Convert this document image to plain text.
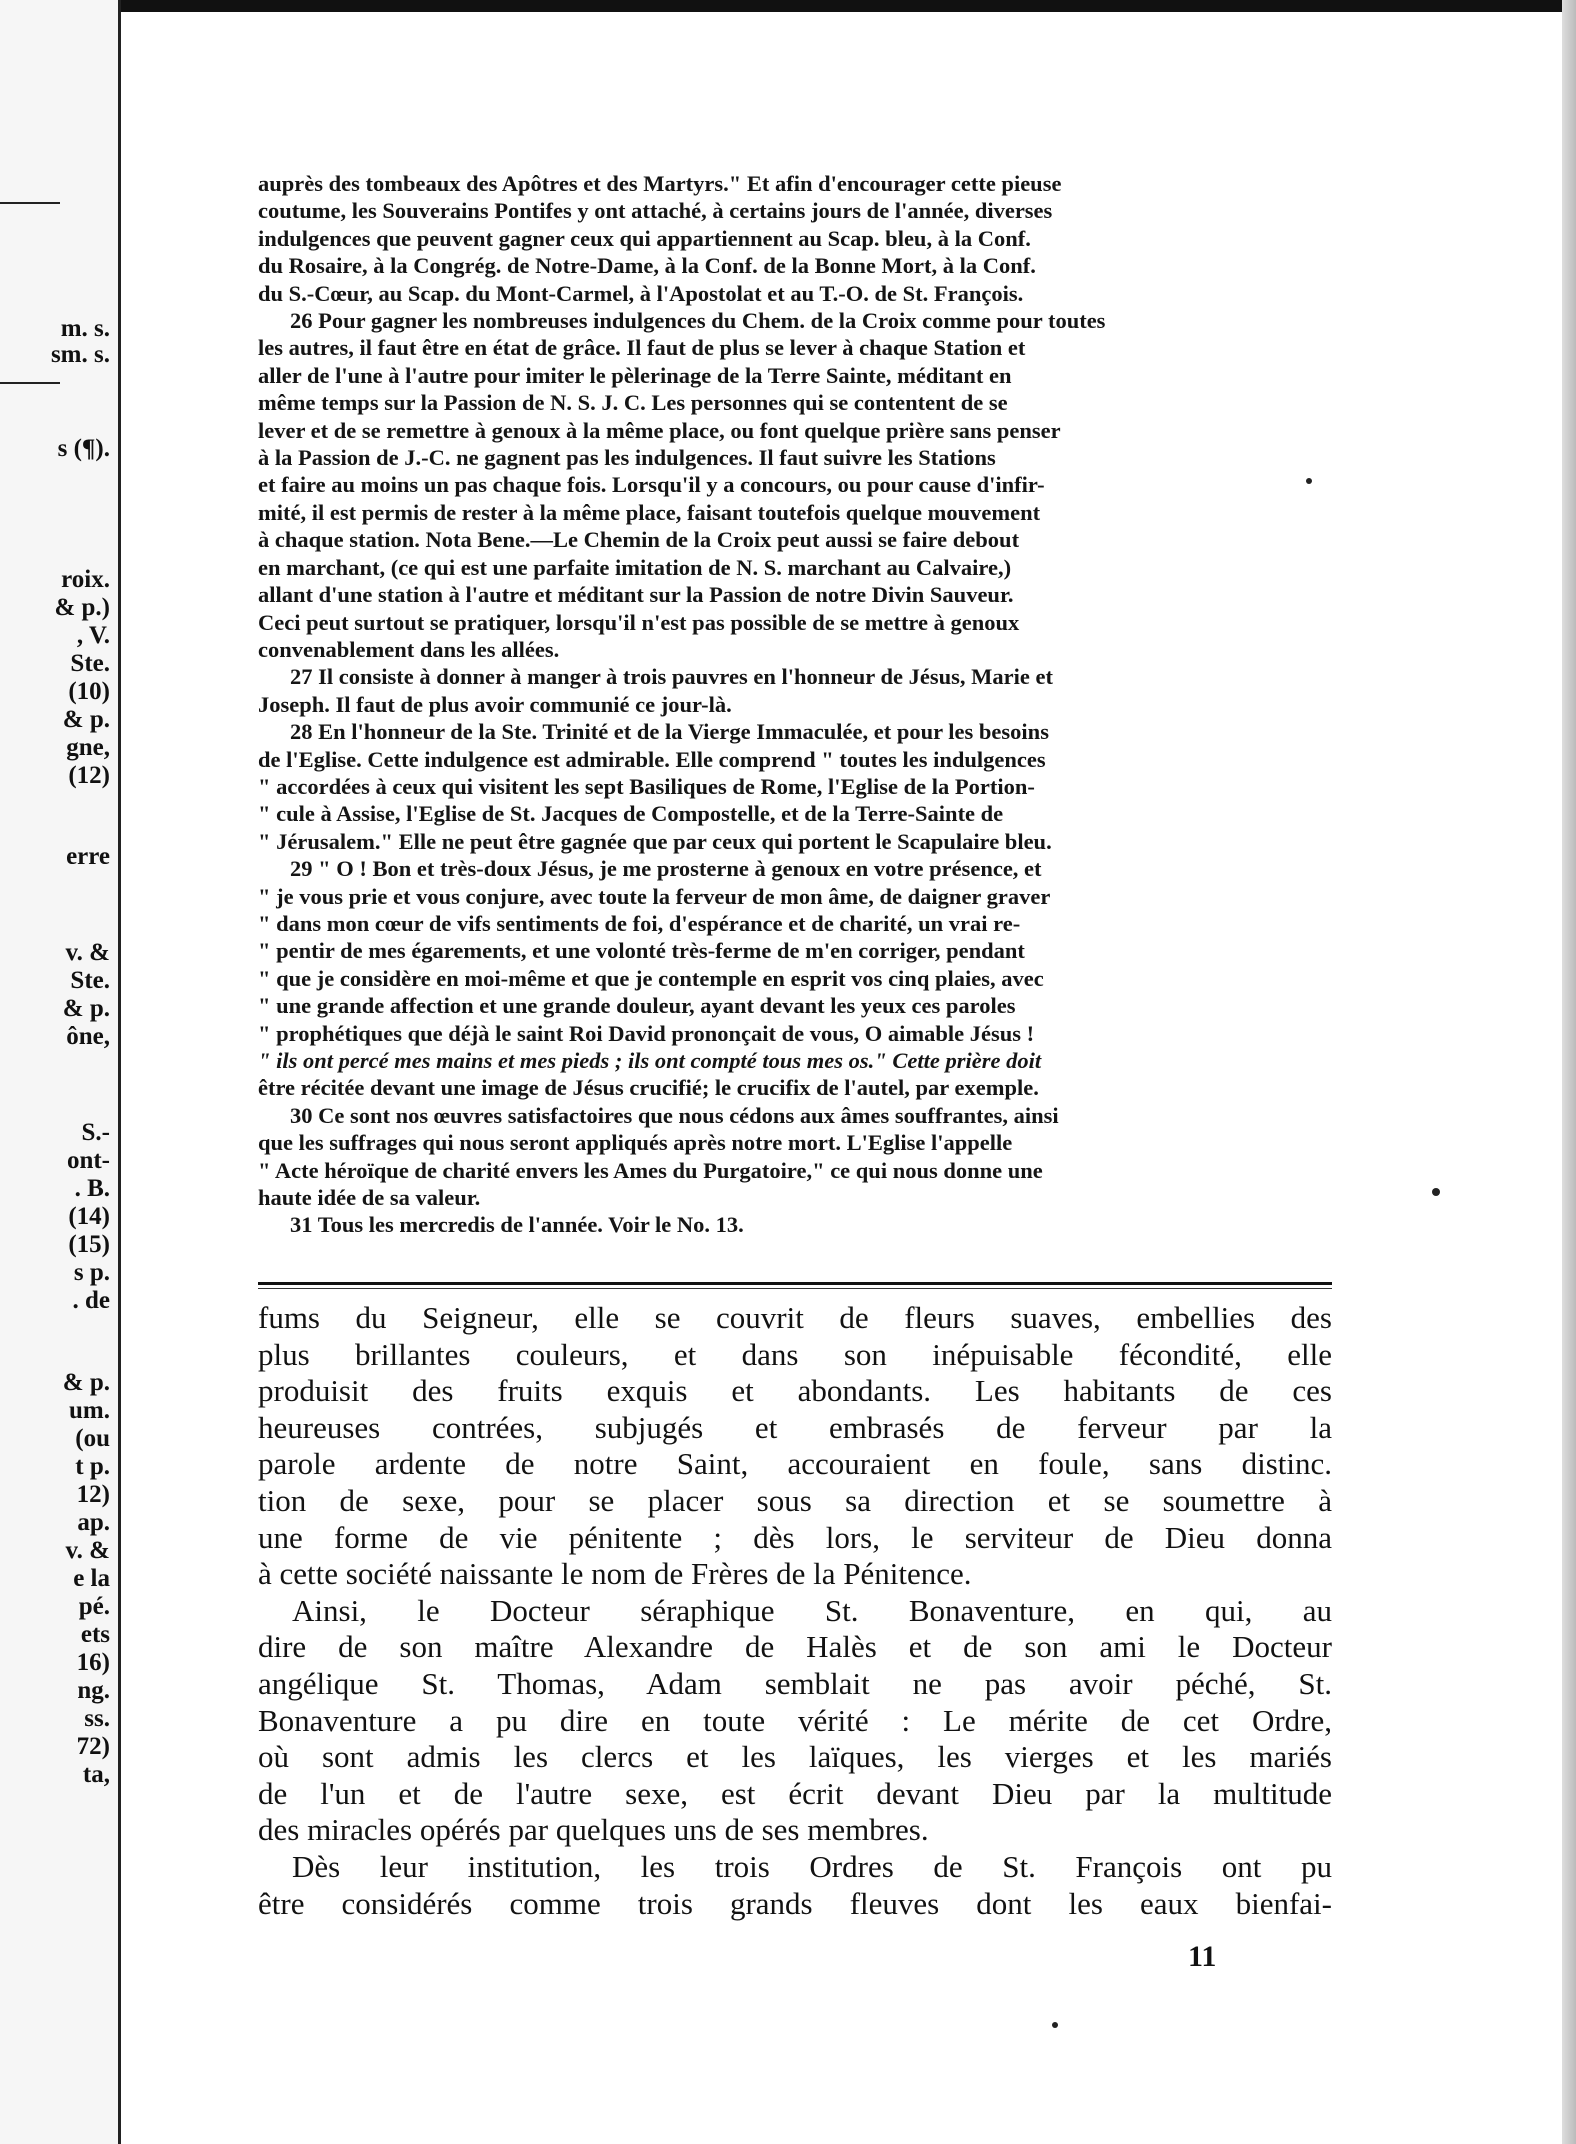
m. s.
sm. s.
s (¶).
roix.
& p.)
, V.
Ste.
(10)
& p.
gne,
(12)
erre
v. &
Ste.
& p.
ône,
S.-
ont-
. B.
(14)
(15)
s p.
. de
& p.
um.
(ou
t p.
12)
ap.
v. &
e la
pé.
ets
16)
ng.
ss.
72)
ta,
auprès des tombeaux des Apôtres et des Martyrs." Et afin d'encourager cette pieuse
coutume, les Souverains Pontifes y ont attaché, à certains jours de l'année, diverses
indulgences que peuvent gagner ceux qui appartiennent au Scap. bleu, à la Conf.
du Rosaire, à la Congrég. de Notre-Dame, à la Conf. de la Bonne Mort, à la Conf.
du S.-Cœur, au Scap. du Mont-Carmel, à l'Apostolat et au T.-O. de St. François.
26 Pour gagner les nombreuses indulgences du Chem. de la Croix comme pour toutes
les autres, il faut être en état de grâce. Il faut de plus se lever à chaque Station et
aller de l'une à l'autre pour imiter le pèlerinage de la Terre Sainte, méditant en
même temps sur la Passion de N. S. J. C. Les personnes qui se contentent de se
lever et de se remettre à genoux à la même place, ou font quelque prière sans penser
à la Passion de J.-C. ne gagnent pas les indulgences. Il faut suivre les Stations
et faire au moins un pas chaque fois. Lorsqu'il y a concours, ou pour cause d'infir-
mité, il est permis de rester à la même place, faisant toutefois quelque mouvement
à chaque station. Nota Bene.—Le Chemin de la Croix peut aussi se faire debout
en marchant, (ce qui est une parfaite imitation de N. S. marchant au Calvaire,)
allant d'une station à l'autre et méditant sur la Passion de notre Divin Sauveur.
Ceci peut surtout se pratiquer, lorsqu'il n'est pas possible de se mettre à genoux
convenablement dans les allées.
27 Il consiste à donner à manger à trois pauvres en l'honneur de Jésus, Marie et
Joseph. Il faut de plus avoir communié ce jour-là.
28 En l'honneur de la Ste. Trinité et de la Vierge Immaculée, et pour les besoins
de l'Eglise. Cette indulgence est admirable. Elle comprend " toutes les indulgences
" accordées à ceux qui visitent les sept Basiliques de Rome, l'Eglise de la Portion-
" cule à Assise, l'Eglise de St. Jacques de Compostelle, et de la Terre-Sainte de
" Jérusalem." Elle ne peut être gagnée que par ceux qui portent le Scapulaire bleu.
29 " O ! Bon et très-doux Jésus, je me prosterne à genoux en votre présence, et
" je vous prie et vous conjure, avec toute la ferveur de mon âme, de daigner graver
" dans mon cœur de vifs sentiments de foi, d'espérance et de charité, un vrai re-
" pentir de mes égarements, et une volonté très-ferme de m'en corriger, pendant
" que je considère en moi-même et que je contemple en esprit vos cinq plaies, avec
" une grande affection et une grande douleur, ayant devant les yeux ces paroles
" prophétiques que déjà le saint Roi David prononçait de vous, O aimable Jésus !
" ils ont percé mes mains et mes pieds ; ils ont compté tous mes os." Cette prière doit
être récitée devant une image de Jésus crucifié; le crucifix de l'autel, par exemple.
30 Ce sont nos œuvres satisfactoires que nous cédons aux âmes souffrantes, ainsi
que les suffrages qui nous seront appliqués après notre mort. L'Eglise l'appelle
" Acte héroïque de charité envers les Ames du Purgatoire," ce qui nous donne une
haute idée de sa valeur.
31 Tous les mercredis de l'année. Voir le No. 13.
fums du Seigneur, elle se couvrit de fleurs suaves, embellies des
plus brillantes couleurs, et dans son inépuisable fécondité, elle
produisit des fruits exquis et abondants. Les habitants de ces
heureuses contrées, subjugés et embrasés de ferveur par la
parole ardente de notre Saint, accouraient en foule, sans distinc.
tion de sexe, pour se placer sous sa direction et se soumettre à
une forme de vie pénitente ; dès lors, le serviteur de Dieu donna
à cette société naissante le nom de Frères de la Pénitence.
Ainsi, le Docteur séraphique St. Bonaventure, en qui, au
dire de son maître Alexandre de Halès et de son ami le Docteur
angélique St. Thomas, Adam semblait ne pas avoir péché, St.
Bonaventure a pu dire en toute vérité : Le mérite de cet Ordre,
où sont admis les clercs et les laïques, les vierges et les mariés
de l'un et de l'autre sexe, est écrit devant Dieu par la multitude
des miracles opérés par quelques uns de ses membres.
Dès leur institution, les trois Ordres de St. François ont pu
être considérés comme trois grands fleuves dont les eaux bienfai-
11
